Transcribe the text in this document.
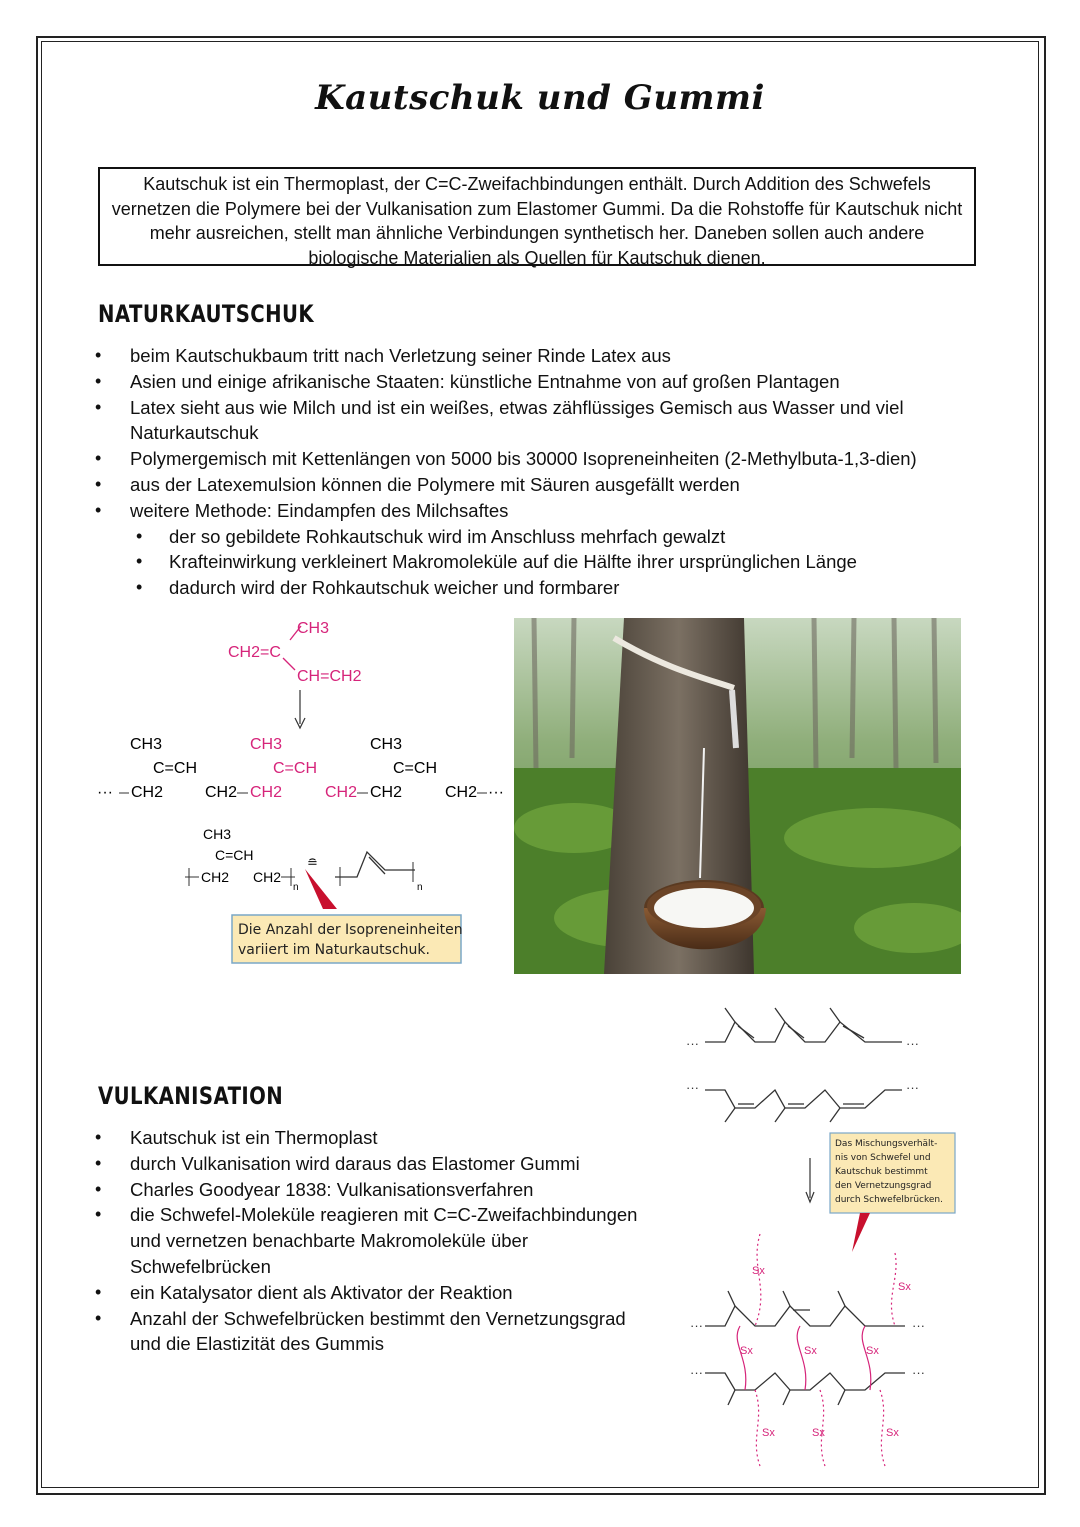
Kautschuk und Gummi
Kautschuk ist ein Thermoplast, der C=C-Zweifachbindungen enthält. Durch Addition des Schwefels vernetzen die Polymere bei der Vulkanisation zum Elastomer Gummi. Da die Rohstoffe für Kautschuk nicht mehr ausreichen, stellt man ähnliche Verbindungen synthetisch her. Daneben sollen auch andere biologische Materialien als Quellen für Kautschuk dienen.
NATURKAUTSCHUK
• beim Kautschukbaum tritt nach Verletzung seiner Rinde Latex aus
• Asien und einige afrikanische Staaten: künstliche Entnahme von auf großen Plantagen
• Latex sieht aus wie Milch und ist ein weißes, etwas zähflüssiges Gemisch aus Wasser und viel Naturkautschuk
• Polymergemisch mit Kettenlängen von 5000 bis 30000 Isopreneinheiten (2-Methylbuta-1,3-dien)
• aus der Latexemulsion können die Polymere mit Säuren ausgefällt werden
• weitere Methode: Eindampfen des Milchsaftes
• der so gebildete Rohkautschuk wird im Anschluss mehrfach gewalzt
• Krafteinwirkung verkleinert Makromoleküle auf die Hälfte ihrer ursprünglichen Länge
• dadurch wird der Rohkautschuk weicher und formbarer
CH3
CH2=C
CH=CH2
···
CH3
C=CH
CH2	CH2 CH2
CH3
C=CH
CH2 CH2
CH3
C=CH
CH2 ···
CH3
C=CH
CH2 CH2
n
≘
n
Die Anzahl der Isopreneinheiten
variiert im Naturkautschuk.
VULKANISATION
• Kautschuk ist ein Thermoplast
• durch Vulkanisation wird daraus das Elastomer Gummi
• Charles Goodyear 1838: Vulkanisationsverfahren
• die Schwefel-Moleküle reagieren mit C=C-Zweifachbindungen und vernetzen benachbarte Makromoleküle über Schwefelbrücken
• ein Katalysator dient als Aktivator der Reaktion
• Anzahl der Schwefelbrücken bestimmt den Vernetzungsgrad und die Elastizität des Gummis
···	···
···	···
Das Mischungsverhält-
nis von Schwefel und
Kautschuk bestimmt
den Vernetzungsgrad
durch Schwefelbrücken.
···	···
···	···
Sx
Sx
Sx	Sx	Sx
Sx	Sx	Sx
